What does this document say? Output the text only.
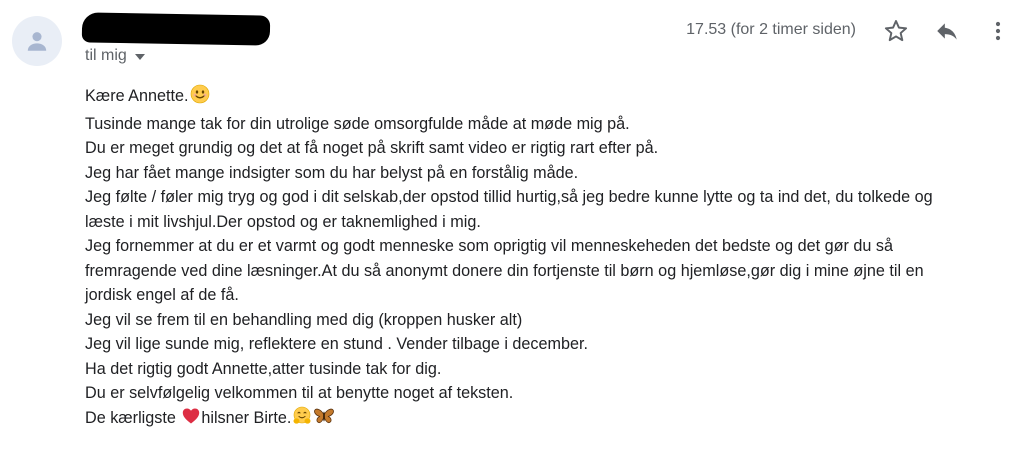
til mig
17.53 (for 2 timer siden)
Kære Annette.
Tusinde mange tak for din utrolige søde omsorgfulde måde at møde mig på.
Du er meget grundig og det at få noget på skrift samt video er rigtig rart efter på.
Jeg har fået mange indsigter som du har belyst på en forstålig måde.
Jeg følte / føler mig tryg og god i dit selskab,der opstod tillid hurtig,så jeg bedre kunne lytte og ta ind det, du tolkede og
læste i mit livshjul.Der opstod og er taknemlighed i mig.
Jeg fornemmer at du er et varmt og godt menneske som oprigtig vil menneskeheden det bedste og det gør du så
fremragende ved dine læsninger.At du så anonymt donere din fortjenste til børn og hjemløse,gør dig i mine øjne til en
jordisk engel af de få.
Jeg vil se frem til en behandling med dig (kroppen husker alt)
Jeg vil lige sunde mig, reflektere en stund . Vender tilbage i december.
Ha det rigtig godt Annette,atter tusinde tak for dig.
Du er selvfølgelig velkommen til at benytte noget af teksten.
De kærligste hilsner Birte.
